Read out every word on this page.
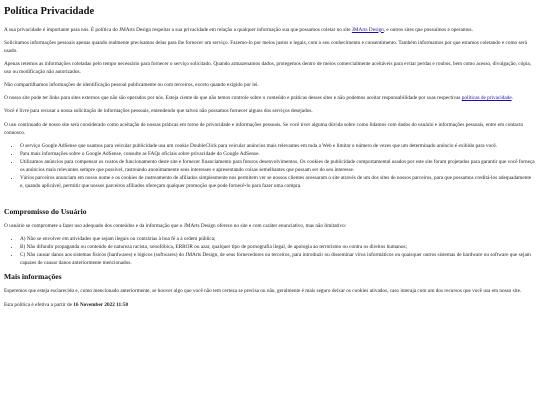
Política Privacidade

A sua privacidade é importante para nós. É política do JMArts Design respeitar a sua privacidade em relação a qualquer informação sua que possamos coletar no site JMArts Design, e outros sites que possuímos e operamos.

Solicitamos informações pessoais apenas quando realmente precisamos delas para lhe fornecer um serviço. Fazemo-lo por meios justos e legais, com o seu conhecimento e consentimento. Também informamos por que estamos coletando e como será usado.

Apenas retemos as informações coletadas pelo tempo necessário para fornecer o serviço solicitado. Quando armazenamos dados, protegemos dentro de meios comercialmente aceitáveis para evitar perdas e roubos, bem como acesso, divulgação, cópia, uso ou modificação não autorizados.

Não compartilhamos informações de identificação pessoal publicamente ou com terceiros, exceto quando exigido por lei.

O nosso site pode ter links para sites externos que não são operados por nós. Esteja ciente de que não temos controle sobre o conteúdo e práticas desses sites e não podemos aceitar responsabilidade por suas respectivas políticas de privacidade.

Você é livre para recusar a nossa solicitação de informações pessoais, entendendo que talvez não possamos fornecer alguns dos serviços desejados.

O uso continuado de nosso site será considerado como aceitação de nossas práticas em torno de privacidade e informações pessoais. Se você tiver alguma dúvida sobre como lidamos com dados do usuário e informações pessoais, entre em contacto connosco.

• O serviço Google AdSense que usamos para veicular publicidade usa um cookie DoubleClick para veicular anúncios mais relevantes em toda a Web e limitar o número de vezes que um determinado anúncio é exibido para você.
• Para mais informações sobre o Google AdSense, consulte as FAQs oficiais sobre privacidade do Google AdSense.
• Utilizamos anúncios para compensar os custos de funcionamento deste site e fornecer financiamento para futuros desenvolvimentos. Os cookies de publicidade comportamental usados por este site foram projetados para garantir que você forneça os anúncios mais relevantes sempre que possível, rastreando anonimamente seus interesses e apresentando coisas semelhantes que possam ser do seu interesse.
• Vários parceiros anunciam em nosso nome e os cookies de rastreamento de afiliados simplesmente nos permitem ver se nossos clientes acessaram o site através de um dos sites de nossos parceiros, para que possamos creditá-los adequadamente e, quando aplicável, permitir que nossos parceiros afiliados ofereçam qualquer promoção que pode fornecê-lo para fazer uma compra.
Compromisso do Usuário

O usuário se compromete a fazer uso adequado dos conteúdos e da informação que o JMArts Design oferece no site e com caráter enunciativo, mas não limitativo:

• A) Não se envolver em atividades que sejam ilegais ou contrárias à boa fé a à ordem pública;
• B) Não difundir propaganda ou conteúdo de natureza racista, xenofóbica, ERROR ou azar, qualquer tipo de pornografia ilegal, de apologia ao terrorismo ou contra os direitos humanos;
• C) Não causar danos aos sistemas físicos (hardwares) e lógicos (softwares) do JMArts Design, de seus fornecedores ou terceiros, para introduzir ou disseminar vírus informáticos ou quaisquer outros sistemas de hardware ou software que sejam capazes de causar danos anteriormente mencionados.
Mais informações

Esperemos que esteja esclarecido e, como mencionado anteriormente, se houver algo que você não tem certeza se precisa ou não, geralmente é mais seguro deixar os cookies ativados, caso interaja com um dos recursos que você usa em nosso site.

Esta política é efetiva a partir de 16 November 2022 11:50
